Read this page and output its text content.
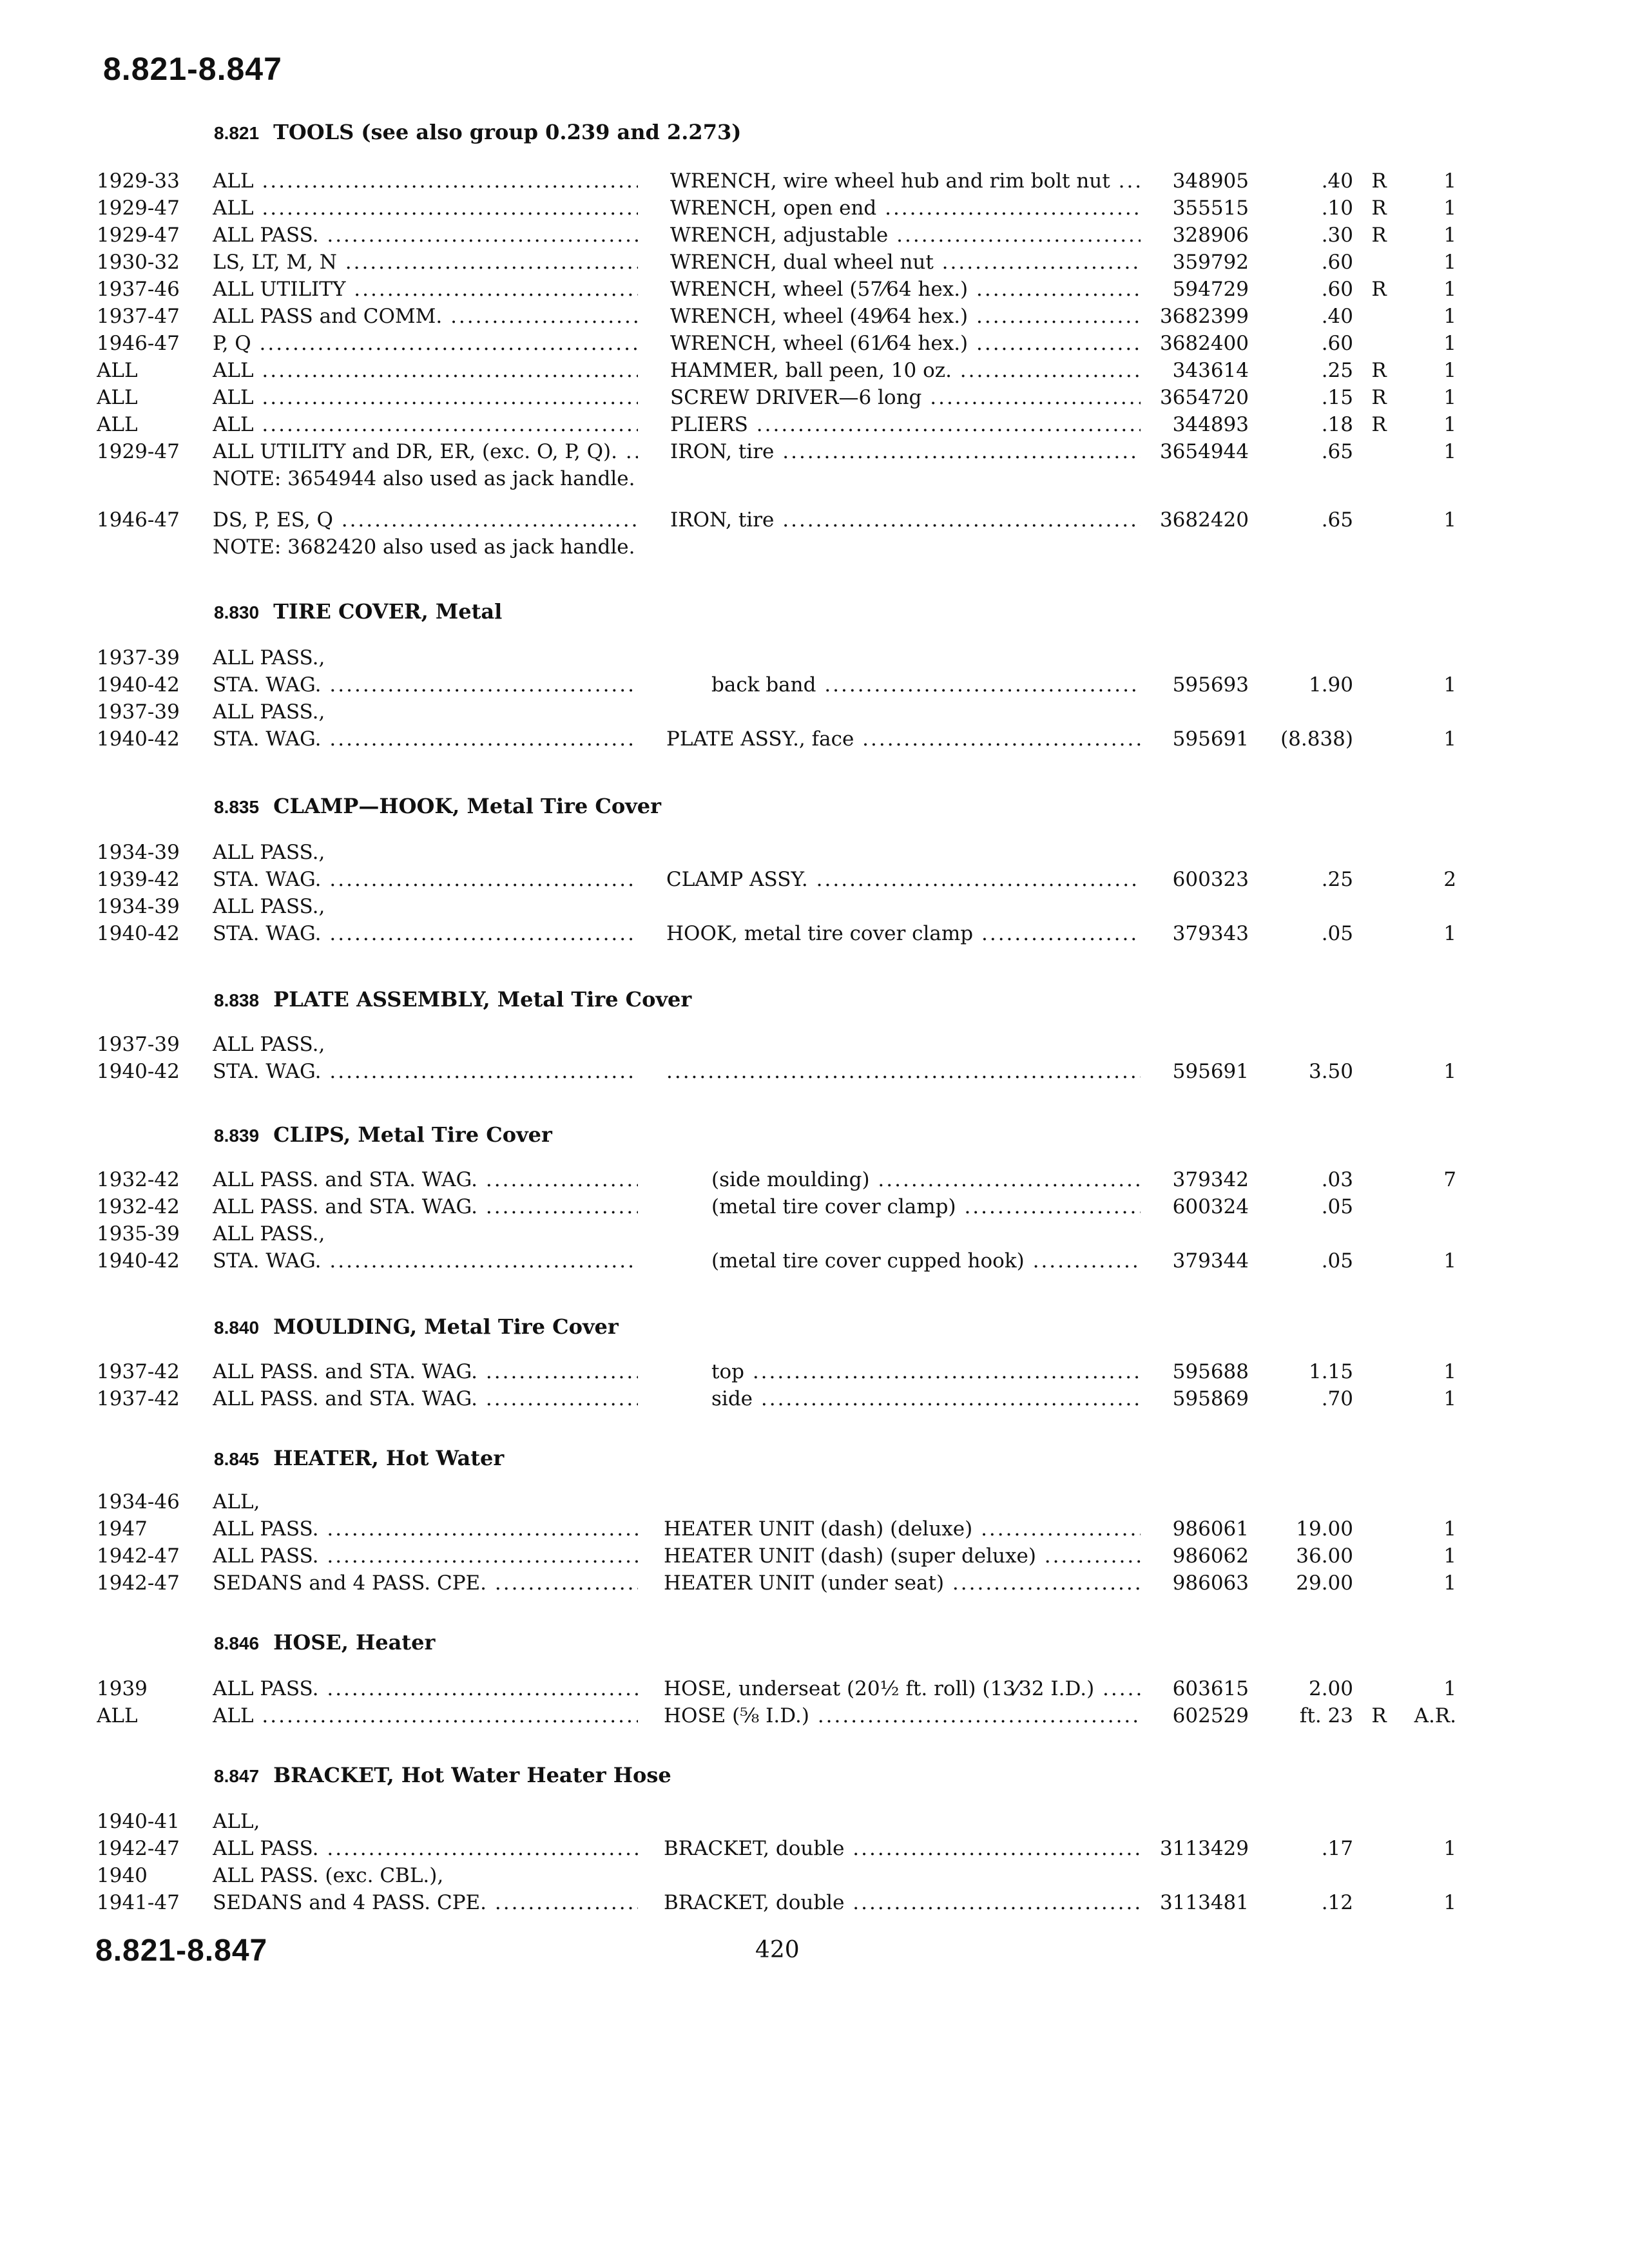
8.821-8.847
8.821 TOOLS (see also group 0.239 and 2.273)
1929-33	ALL .....	WRENCH, wire wheel hub and rim bolt nut .....	348905	.40 R	1
1929-47	ALL .....	WRENCH, open end .....	355515	.10 R	1
1929-47	ALL PASS. .....	WRENCH, adjustable .....	328906	.30 R	1
1930-32	LS, LT, M, N .....	WRENCH, dual wheel nut .....	359792	.60	1
1937-46	ALL UTILITY .....	WRENCH, wheel (57⁄64 hex.) .....	594729	.60 R	1
1937-47	ALL PASS and COMM. .....	WRENCH, wheel (49⁄64 hex.) .....	3682399	.40	1
1946-47	P, Q .....	WRENCH, wheel (61⁄64 hex.) .....	3682400	.60	1
ALL	ALL .....	HAMMER, ball peen, 10 oz. .....	343614	.25 R	1
ALL	ALL .....	SCREW DRIVER—6 long .....	3654720	.15 R	1
ALL	ALL .....	PLIERS .....	344893	.18 R	1
1929-47	ALL UTILITY and DR, ER, (exc. O, P, Q). .....	IRON, tire .....	3654944	.65	1
1946-47	DS, P, ES, Q .....	IRON, tire .....	3682420	.65	1
NOTE: 3654944 also used as jack handle.
NOTE: 3682420 also used as jack handle.
8.830 TIRE COVER, Metal
1937-39	ALL PASS.,
1940-42	STA. WAG. .....	back band .....	595693	1.90	1
1937-39	ALL PASS.,
1940-42	STA. WAG. .....	PLATE ASSY., face .....	595691	(8.838)	1
8.835 CLAMP—HOOK, Metal Tire Cover
1934-39	ALL PASS.,
1939-42	STA. WAG. .....	CLAMP ASSY. .....	600323	.25	2
1934-39	ALL PASS.,
1940-42	STA. WAG. .....	HOOK, metal tire cover clamp .....	379343	.05	1
8.838 PLATE ASSEMBLY, Metal Tire Cover
1937-39	ALL PASS.,
1940-42	STA. WAG. .....
.....	595691	3.50	1
8.839 CLIPS, Metal Tire Cover
1932-42	ALL PASS. and STA. WAG. .....	(side moulding) .....	379342	.03	7
1932-42	ALL PASS. and STA. WAG. .....	(metal tire cover clamp) .....	600324	.05
1935-39	ALL PASS.,
1940-42	STA. WAG. .....	(metal tire cover cupped hook) .....	379344	.05	1
8.840 MOULDING, Metal Tire Cover
1937-42	ALL PASS. and STA. WAG. .....	top .....	595688	1.15	1
1937-42	ALL PASS. and STA. WAG. .....	side .....	595869	.70	1
8.845 HEATER, Hot Water
1934-46	ALL,
1947	ALL PASS. .....	HEATER UNIT (dash) (deluxe) .....	986061	19.00	1
1942-47	ALL PASS. .....	HEATER UNIT (dash) (super deluxe) .....	986062	36.00	1
1942-47	SEDANS and 4 PASS. CPE. .....	HEATER UNIT (under seat) .....	986063	29.00	1
8.846 HOSE, Heater
1939	ALL PASS. .....	HOSE, underseat (20½ ft. roll) (13⁄32 I.D.) .....	603615	2.00	1
ALL	ALL .....	HOSE (⅝ I.D.) .....	602529	ft. 23 R	A.R.
8.847 BRACKET, Hot Water Heater Hose
1940-41	ALL,
1942-47	ALL PASS. .....	BRACKET, double .....	3113429	.17	1
1940	ALL PASS. (exc. CBL.),
1941-47	SEDANS and 4 PASS. CPE. .....	BRACKET, double .....	3113481	.12	1
8.821-8.847	420
